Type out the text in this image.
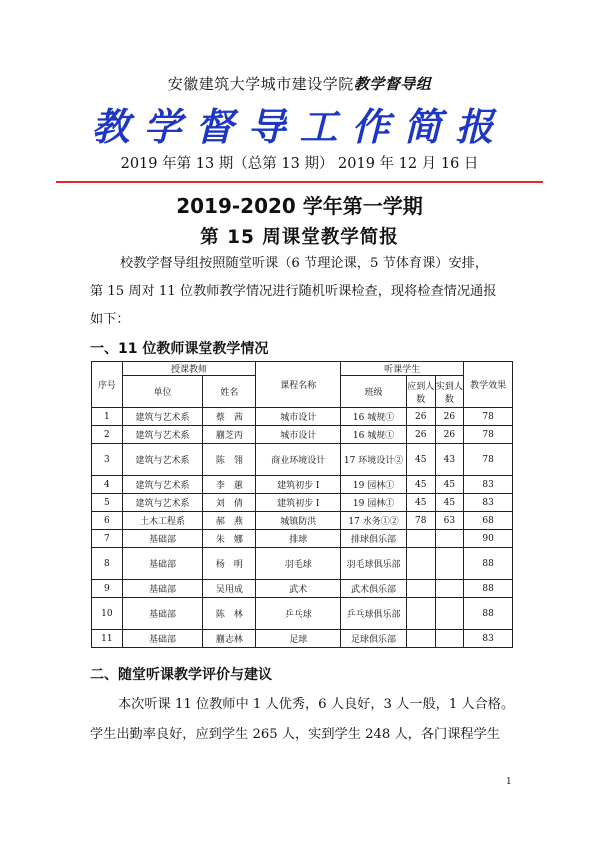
安徽建筑大学城市建设学院教学督导组
教学督导工作简报
2019 年第 13 期（总第 13 期） 2019 年 12 月 16 日
2019-2020 学年第一学期
第 15 周课堂教学简报
校教学督导组按照随堂听课（6 节理论课，5 节体育课）安排，
第 15 周对 11 位教师教学情况进行随机听课检查，现将检查情况通报
如下：
一、11 位教师课堂教学情况
序号	授课教师		课程名称	听课学生			教学效果
	单位	姓名		班级	应到人数	实到人数	
1	建筑与艺术系	蔡　茜	城市设计	16 城规①	26	26	78
2	建筑与艺术系	蒯芝丙	城市设计	16 城规①	26	26	78
3	建筑与艺术系	陈　翎	商业环境设计	17 环境设计②	45	43	78
4	建筑与艺术系	李　蕙	建筑初步 I	19 园林①	45	45	83
5	建筑与艺术系	刘　倩	建筑初步 I	19 园林①	45	45	83
6	土木工程系	郝　燕	城镇防洪	17 水务①②	78	63	68
7	基础部	朱　娜	排球	排球俱乐部			90
8	基础部	杨　明	羽毛球	羽毛球俱乐部			88
9	基础部	吴用成	武术	武术俱乐部			88
10	基础部	陈　林	乒乓球	乒乓球俱乐部			88
11	基础部	蒯志林	足球	足球俱乐部			83
二、随堂听课教学评价与建议
本次听课 11 位教师中 1 人优秀，6 人良好，3 人一般，1 人合格。
学生出勤率良好，应到学生 265 人，实到学生 248 人，各门课程学生
1
